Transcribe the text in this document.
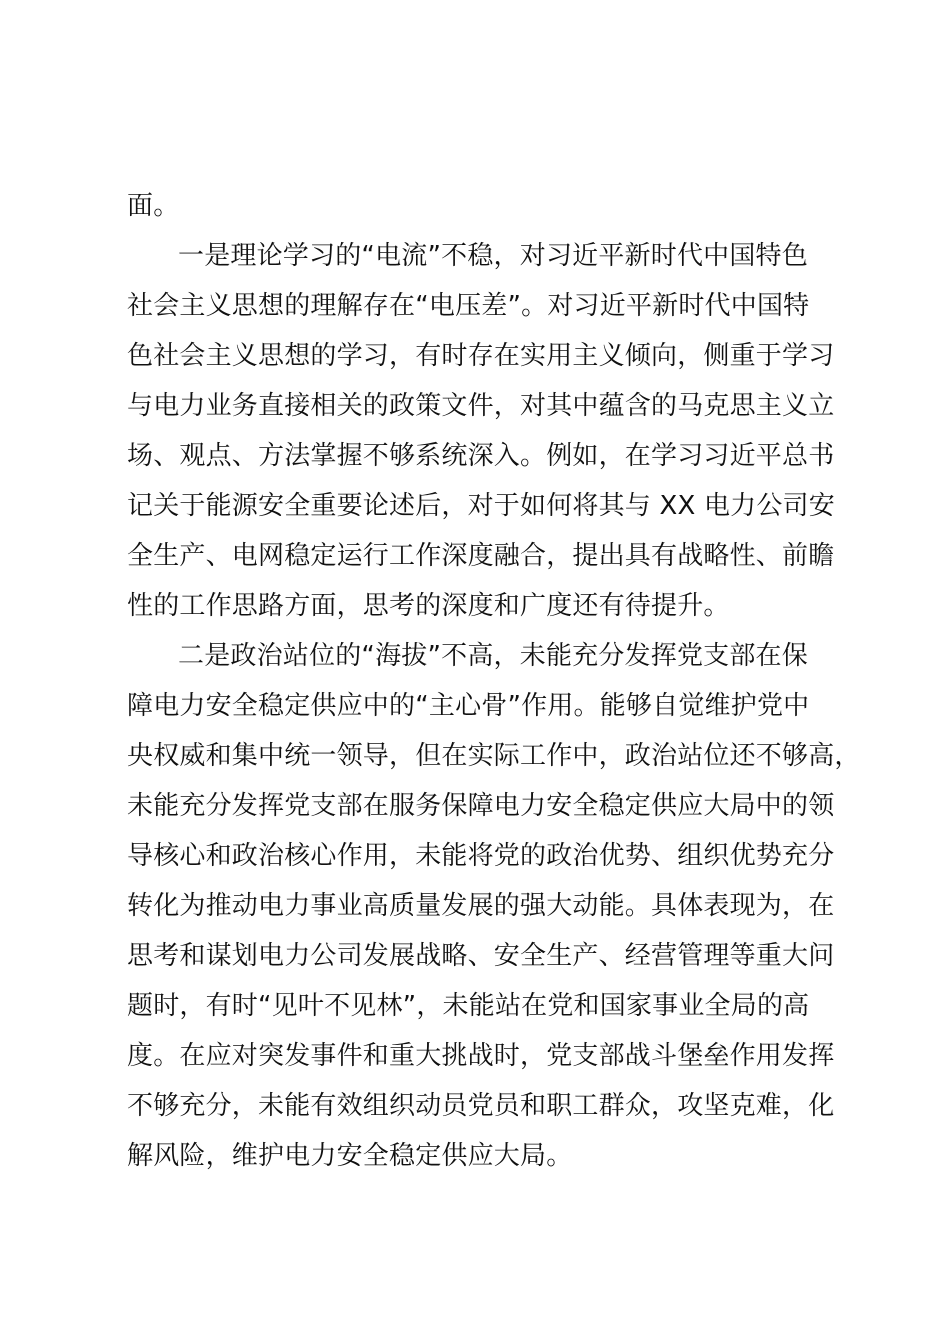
面。
一是理论学习的“电流”不稳，对习近平新时代中国特色
社会主义思想的理解存在“电压差”。对习近平新时代中国特
色社会主义思想的学习，有时存在实用主义倾向，侧重于学习
与电力业务直接相关的政策文件，对其中蕴含的马克思主义立
场、观点、方法掌握不够系统深入。例如，在学习习近平总书
记关于能源安全重要论述后，对于如何将其与 XX 电力公司安
全生产、电网稳定运行工作深度融合，提出具有战略性、前瞻
性的工作思路方面，思考的深度和广度还有待提升。
二是政治站位的“海拔”不高，未能充分发挥党支部在保
障电力安全稳定供应中的“主心骨”作用。能够自觉维护党中
央权威和集中统一领导，但在实际工作中，政治站位还不够高，
未能充分发挥党支部在服务保障电力安全稳定供应大局中的领
导核心和政治核心作用，未能将党的政治优势、组织优势充分
转化为推动电力事业高质量发展的强大动能。具体表现为，在
思考和谋划电力公司发展战略、安全生产、经营管理等重大问
题时，有时“见叶不见林”，未能站在党和国家事业全局的高
度。在应对突发事件和重大挑战时，党支部战斗堡垒作用发挥
不够充分，未能有效组织动员党员和职工群众，攻坚克难，化
解风险，维护电力安全稳定供应大局。
